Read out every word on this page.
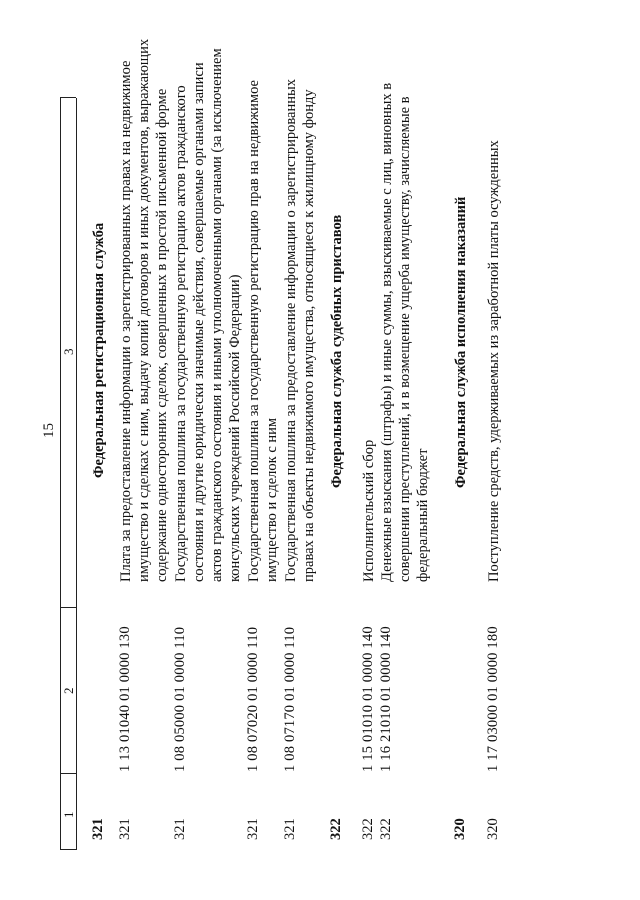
15
1
2
3
321
Федеральная регистрационная служба
321
1 13 01040 01 0000 130
Плата за предоставление информации о зарегистрированных правах на недвижимое имущество и сделках с ним, выдачу копий договоров и иных документов, выражающих содержание односторонних сделок, совершенных в простой письменной форме
321
1 08 05000 01 0000 110
Государственная пошлина за государственную регистрацию актов гражданского состояния и другие юридически значимые действия, совершаемые органами записи актов гражданского состояния и иными уполномоченными органами (за исключением консульских учреждений Российской Федерации)
321
1 08 07020 01 0000 110
Государственная пошлина за государственную регистрацию прав на недвижимое имущество и сделок с ним
321
1 08 07170 01 0000 110
Государственная пошлина за предоставление информации о зарегистрированных правах на объекты недвижимого имущества, относящиеся к жилищному фонду
322
Федеральная служба судебных приставов
322
1 15 01010 01 0000 140
Исполнительский сбор
322
1 16 21010 01 0000 140
Денежные взыскания (штрафы) и иные суммы, взыскиваемые с лиц, виновных в совершении преступлений, и в возмещение ущерба имуществу, зачисляемые в федеральный бюджет
320
Федеральная служба исполнения наказаний
320
1 17 03000 01 0000 180
Поступление средств, удерживаемых из заработной платы осужденных
